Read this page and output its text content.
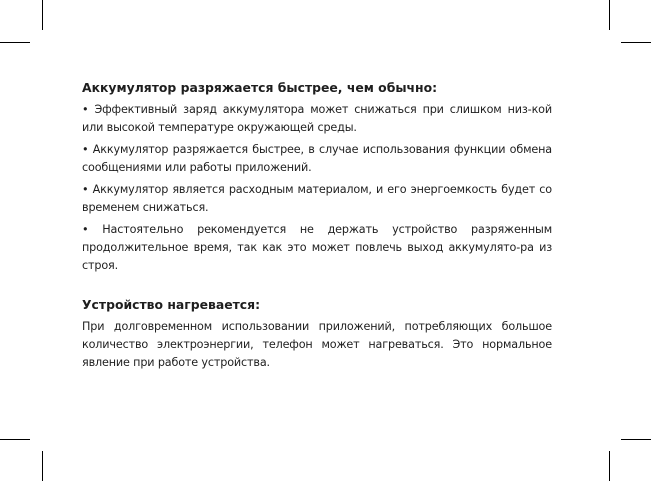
Аккумулятор разряжается быстрее, чем обычно:

• Эффективный заряд аккумулятора может снижаться при слишком низ-кой или высокой температуре окружающей среды.

• Аккумулятор разряжается быстрее, в случае использования функции обмена сообщениями или работы приложений.

• Аккумулятор является расходным материалом, и его энергоемкость будет со временем снижаться.

• Настоятельно рекомендуется не держать устройство разряженным продолжительное время, так как это может повлечь выход аккумулято-ра из строя.

Устройство нагревается:

При долговременном использовании приложений, потребляющих большое количество электроэнергии, телефон может нагреваться. Это нормальное явление при работе устройства.
